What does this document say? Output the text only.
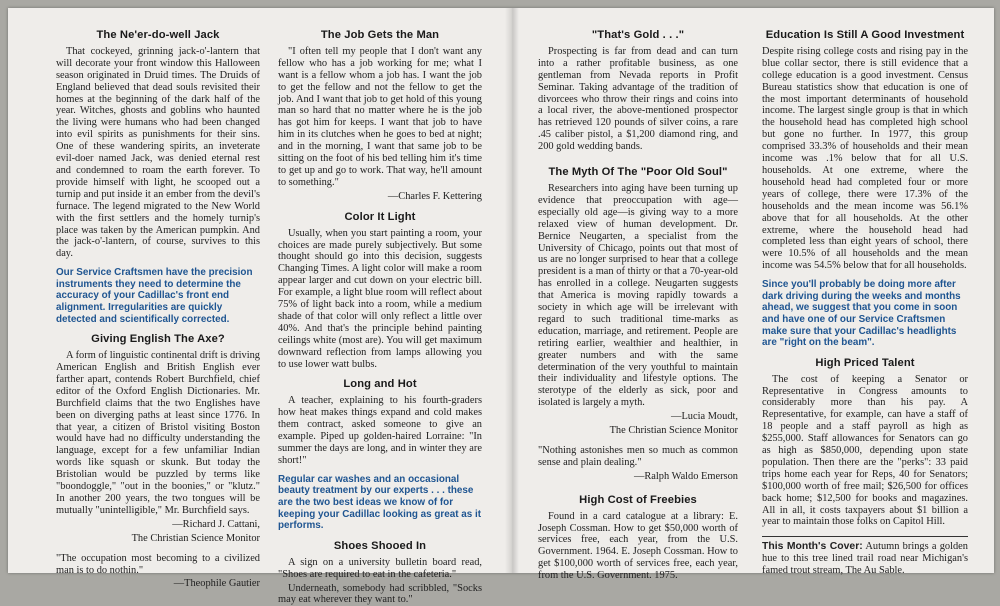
The Ne'er-do-well Jack

That cockeyed, grinning jack-o'-lantern that will decorate your front window this Halloween season originated in Druid times. The Druids of England believed that dead souls revisited their homes at the beginning of the dark half of the year. Witches, ghosts and goblins who haunted the living were humans who had been changed into evil spirits as punishments for their sins. One of these wandering spirits, an inveterate evil-doer named Jack, was denied eternal rest and condemned to roam the earth forever. To provide himself with light, he scooped out a turnip and put inside it an ember from the devil's furnace. The legend migrated to the New World with the first settlers and the homely turnip's place was taken by the American pumpkin. And the jack-o'-lantern, of course, survives to this day.

Our Service Craftsmen have the precision instruments they need to determine the accuracy of your Cadillac's front end alignment. Irregularities are quickly detected and scientifically corrected.

Giving English The Axe?

A form of linguistic continental drift is driving American English and British English ever farther apart, contends Robert Burchfield, chief editor of the Oxford English Dictionaries. Mr. Burchfield claims that the two Englishes have been on diverging paths at least since 1776. In that year, a citizen of Bristol visiting Boston would have had no difficulty understanding the language, except for a few unfamiliar Indian words like squash or skunk. But today the Bristolian would be puzzled by terms like "boondoggle," "out in the boonies," or "klutz." In another 200 years, the two tongues will be mutually "unintelligible," Mr. Burchfield says.

—Richard J. Cattani,

The Christian Science Monitor

"The occupation most becoming to a civilized man is to do nothin."

—Theophile Gautier

The Job Gets the Man

"I often tell my people that I don't want any fellow who has a job working for me; what I want is a fellow whom a job has. I want the job to get the fellow and not the fellow to get the job. And I want that job to get hold of this young man so hard that no matter where he is the job has got him for keeps. I want that job to have him in its clutches when he goes to bed at night; and in the morning, I want that same job to be sitting on the foot of his bed telling him it's time to get up and go to work. That way, he'll amount to something."

—Charles F. Kettering

Color It Light

Usually, when you start painting a room, your choices are made purely subjectively. But some thought should go into this decision, suggests Changing Times. A light color will make a room appear larger and cut down on your electric bill. For example, a light blue room will reflect about 75% of light back into a room, while a medium shade of that color will only reflect a little over 40%. And that's the principle behind painting ceilings white (most are). You will get maximum downward reflection from lamps allowing you to use lower watt bulbs.

Long and Hot

A teacher, explaining to his fourth-graders how heat makes things expand and cold makes them contract, asked someone to give an example. Piped up golden-haired Lorraine: "In summer the days are long, and in winter they are short!"

Regular car washes and an occasional beauty treatment by our experts . . . these are the two best ideas we know of for keeping your Cadillac looking as great as it performs.

Shoes Shooed In

A sign on a university bulletin board read, "Shoes are required to eat in the cafeteria."

Underneath, somebody had scribbled, "Socks may eat wherever they want to."

"That's Gold . . ."

Prospecting is far from dead and can turn into a rather profitable business, as one gentleman from Nevada reports in Profit Seminar. Taking advantage of the tradition of divorcees who throw their rings and coins into a local river, the above-mentioned prospector has retrieved 120 pounds of silver coins, a rare .45 caliber pistol, a $1,200 diamond ring, and 200 gold wedding bands.

The Myth Of The "Poor Old Soul"

Researchers into aging have been turning up evidence that preoccupation with age—especially old age—is giving way to a more relaxed view of human development. Dr. Bernice Neugarten, a specialist from the University of Chicago, points out that most of us are no longer surprised to hear that a college president is a man of thirty or that a 70-year-old has enrolled in a college. Neugarten suggests that America is moving rapidly towards a society in which age will be irrelevant with regard to such traditional time-marks as education, marriage, and retirement. People are retiring earlier, wealthier and healthier, in greater numbers and with the same determination of the very youthful to maintain their individuality and lifestyle options. The sterotype of the elderly as sick, poor and isolated is largely a myth.

—Lucia Moudt,

The Christian Science Monitor

"Nothing astonishes men so much as common sense and plain dealing."

—Ralph Waldo Emerson

High Cost of Freebies

Found in a card catalogue at a library: E. Joseph Cossman. How to get $50,000 worth of services free, each year, from the U.S. Government. 1964. E. Joseph Cossman. How to get $100,000 worth of services free, each year, from the U.S. Government. 1975.

Education Is Still A Good Investment

Despite rising college costs and rising pay in the blue collar sector, there is still evidence that a college education is a good investment. Census Bureau statistics show that education is one of the most important determinants of household income. The largest single group is that in which the household head has completed high school but gone no further. In 1977, this group comprised 33.3% of households and their mean income was .1% below that for all U.S. households. At one extreme, where the household head had completed four or more years of college, there were 17.3% of the households and the mean income was 56.1% above that for all households. At the other extreme, where the household head had completed less than eight years of school, there were 10.5% of all households and the mean income was 54.5% below that for all households.

Since you'll probably be doing more after dark driving during the weeks and months ahead, we suggest that you come in soon and have one of our Service Craftsmen make sure that your Cadillac's headlights are "right on the beam".

High Priced Talent

The cost of keeping a Senator or Representative in Congress amounts to considerably more than his pay. A Representative, for example, can have a staff of 18 people and a staff payroll as high as $255,000. Staff allowances for Senators can go as high as $850,000, depending upon state population. Then there are the "perks": 33 paid trips home each year for Reps, 40 for Senators; $100,000 worth of free mail; $26,500 for offices back home; $12,500 for books and magazines. All in all, it costs taxpayers about $1 billion a year to maintain those folks on Capitol Hill.

This Month's Cover: Autumn brings a golden hue to this tree lined trail road near Michigan's famed trout stream, The Au Sable.
